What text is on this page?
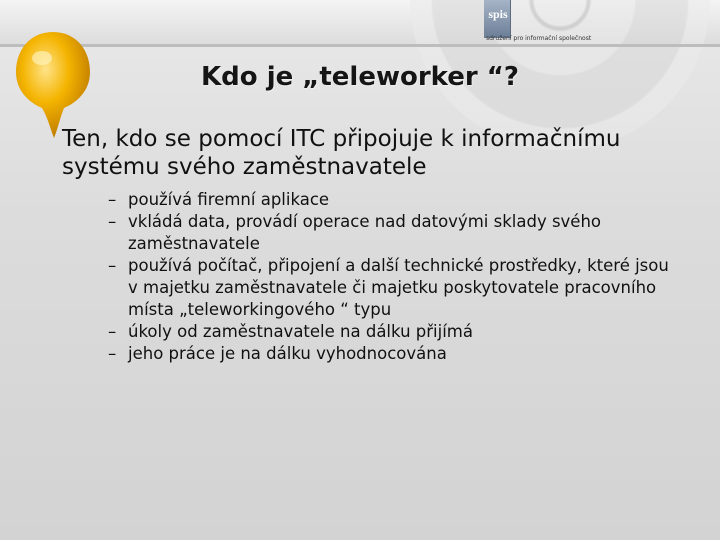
spis
sdružení pro informační společnost
Kdo je „teleworker “?

Ten, kdo se pomocí ITC připojuje k informačnímu systému svého zaměstnavatele

– používá firemní aplikace
– vkládá data, provádí operace nad datovými sklady svého zaměstnavatele
– používá počítač, připojení a další technické prostředky, které jsou v majetku zaměstnavatele či majetku poskytovatele pracovního místa „teleworkingového “ typu
– úkoly od zaměstnavatele na dálku přijímá
– jeho práce je na dálku vyhodnocována
